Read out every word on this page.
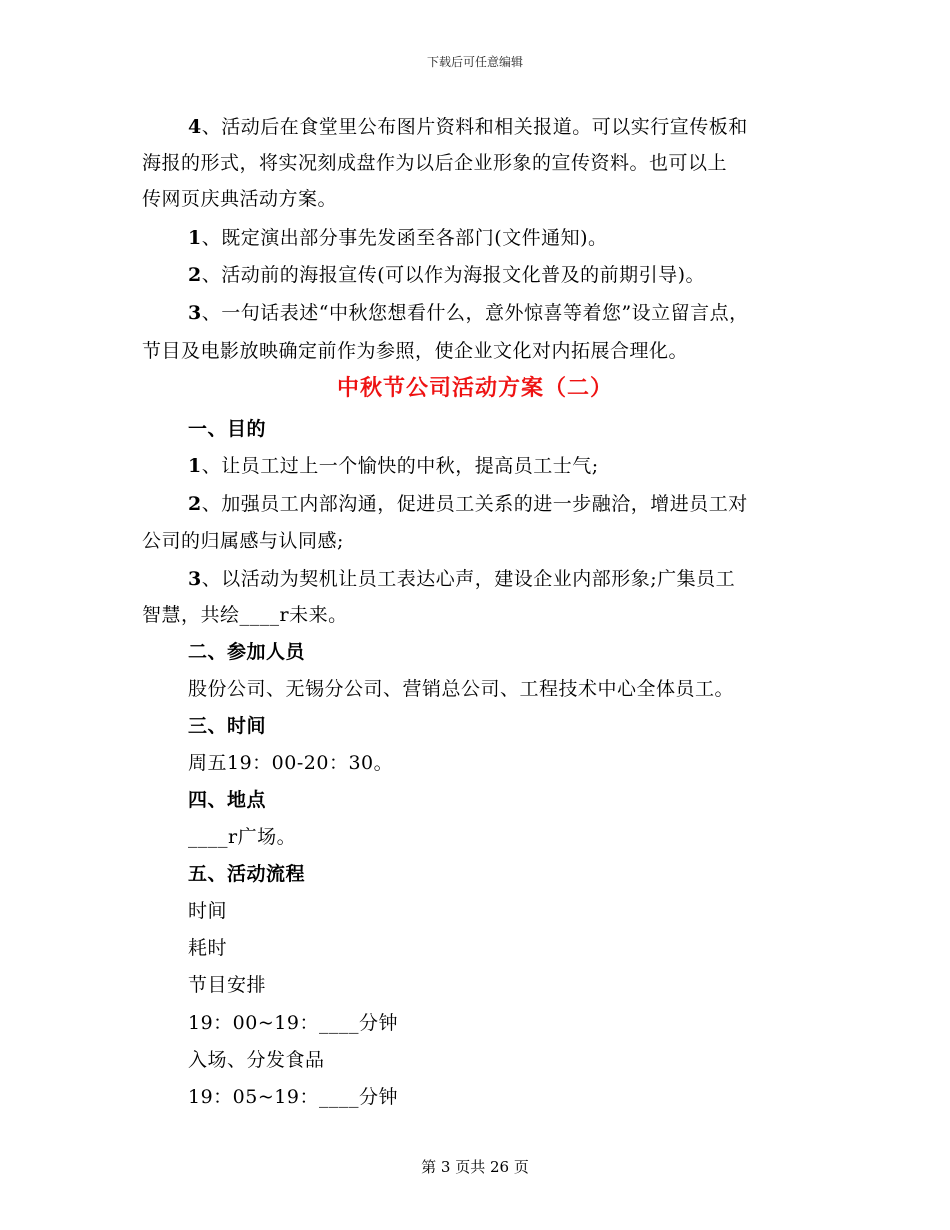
下载后可任意编辑
4、活动后在食堂里公布图片资料和相关报道。可以实行宣传板和
海报的形式，将实况刻成盘作为以后企业形象的宣传资料。也可以上
传网页庆典活动方案。
1、既定演出部分事先发函至各部门(文件通知)。
2、活动前的海报宣传(可以作为海报文化普及的前期引导)。
3、一句话表述“中秋您想看什么，意外惊喜等着您”设立留言点，
节目及电影放映确定前作为参照，使企业文化对内拓展合理化。
中秋节公司活动方案（二）
一、目的
1、让员工过上一个愉快的中秋，提高员工士气;
2、加强员工内部沟通，促进员工关系的进一步融洽，增进员工对
公司的归属感与认同感;
3、以活动为契机让员工表达心声，建设企业内部形象;广集员工
智慧，共绘____r未来。
二、参加人员
股份公司、无锡分公司、营销总公司、工程技术中心全体员工。
三、时间
周五19：00-20：30。
四、地点
____r广场。
五、活动流程
时间
耗时
节目安排
19：00~19：____分钟
入场、分发食品
19：05~19：____分钟
第 3 页共 26 页
